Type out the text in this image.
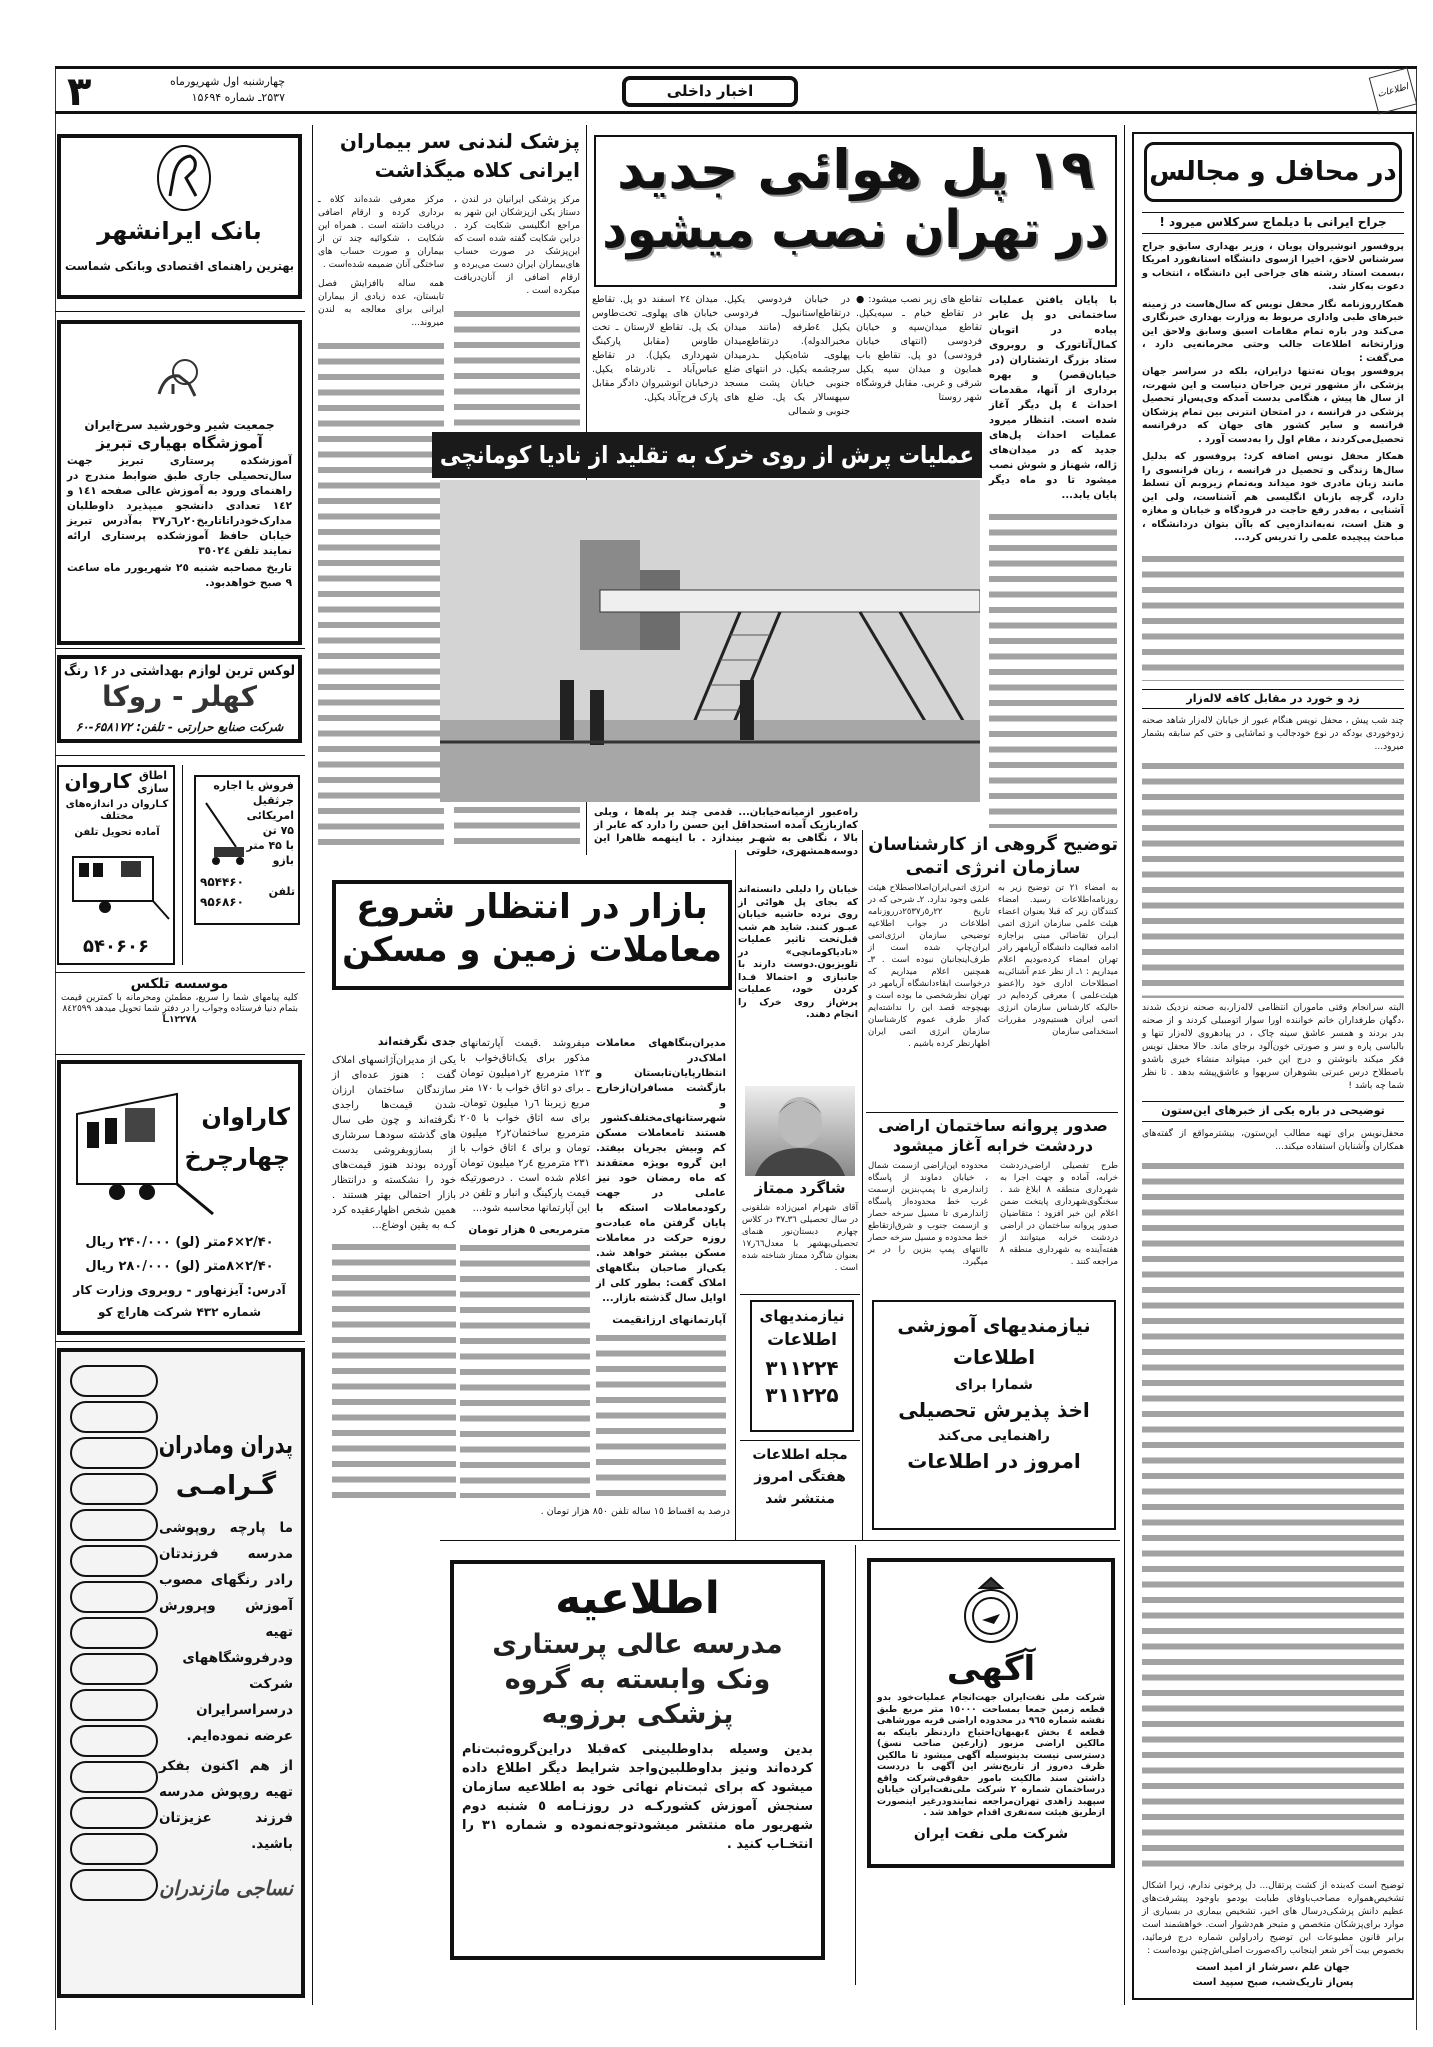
۳	چهارشنبه اول شهریورماه
۲۵۳۷ـ شماره ۱۵۶۹۴	اخبار داخلی	اطلاعات
بانک ایرانشهر
بهترین راهنمای اقتصادی وبانکی شماست
جمعیت شیر وخورشید سرخ‌ایران
آموزشگاه بهیاری تبریز
آموزشکده پرستاری تبریز جهت سال‌تحصیلی جاری طبق ضوابط مندرج در راهنمای ورود به آموزش عالی صفحه ١٤١ و ١٤٢ تعدادی دانشجو میپذیرد داوطلبان مدارک‌خودراتاتاریخ٢٠ر٦ر٣٧ به‌آدرس تبریز خیابان حافظ آموزشکده پرستاری ارائه نمایند تلفن ٣٥٠٢٤
تاریخ مصاحبه شنبه ٢٥ شهریورر ماه ساعت ٩ صبح خواهدبود.
لوکس ترین لوازم بهداشتی در ۱۶ رنگ
کهلر - روکا
شرکت صنایع حرارتی - تلفن: ۶۵۸۱۷۲-۶۰
اطاق سازی
کاروان
کـاروان در اندازه‌های مختلف
آماده تحویل تلفن
۵۴۰۶۰۶
فروش یا اجاره
جرثقیل
امریکائی
۷۵ تن
با ۴۵ متر
بازو
۹۵۴۴۶۰
۹۵۶۸۶۰
تلفن
موسسه تلکس
کلیه پیامهای شما را سریع، مطمئن ومحرمانه با کمترین قیمت بتمام دنیا فرستاده وجواب را در دفتر شما تحویل میدهد ٨٤٢٥٩٩
۱۲۲۷۸ـآ
کاراوان
چهارچرخ
۲/۴۰×۶متر (لو) ۲۴۰/۰۰۰ ریال
۲/۴۰×۸متر (لو) ۲۸۰/۰۰۰ ریال
آدرس: آیزنهاور - روبروی وزارت کار
شماره ۴۳۲ شرکت هاراچ کو
پدران ومادران
گـرامـی
ما پارچه روپوشی مدرسه فرزندتان رادر رنگهای مصوب آموزش وپرورش تهیه ودرفروشگاههای شرکت درسراسرایران عرضه نموده‌ایم.
از هم اکنون بفکر تهیه روپوش مدرسه فرزند عزیزتان باشید.
نساجی مازندران
پزشک لندنی سر بیماران
ایرانی کلاه میگذاشت
مرکز پزشکی ایرانیان در لندن ، دستاز یکی ازپزشکان این شهر به مراجع انگلیسی شکایت کرد . دراین شکایت گفته شده است که این‌پزشک در صورت حساب های‌بیماران ایران دست می‌برده و ارقام اضافی از آنان‌دریافت میکرده است .
مرکز معرفی شده‌اند کلاه ـ برداری کرده و ارقام اضافی دریافت داشته است . همراه این شکایت ، شکوائیه چند تن از بیماران و صورت حساب های ساختگی آنان ضمیمه شده‌است .
همه ساله باافزایش فصل تابستان، عده زیادی از بیماران ایرانی برای معالجه به لندن میروند...
۱۹ پل هوائی جدید
در تهران نصب میشود
با پایان یافتن عملیات ساختمانی دو پل عابر پیاده در اتوبان کمال‌آتاتورک و روبروی ستاد بزرگ ارتشتاران (در خیابان‌قصر) و بهره برداری از آنها، مقدمات احداث ٤ پل دیگر آغاز شده است. انتظار میرود عملیات احداث پل‌های جدید که در میدان‌های ژاله، شهناز و شوش نصب میشود تا دو ماه دیگر پایان یابد...
تقاطع های زیر نصب میشود: ● در تقاطع خیام ـ سپه‌یکپل. تقاطع میدان‌سپه و خیابان فردوسی (انتهای خیابان فرودسی) دو پل. تقاطع باب همایون و میدان سپه یکپل شرقی و غربی. مقابل فروشگاه شهر روستا
در خیابان فردوسي یکپل. درتقاطع‌استانبول‌ـ فردوسی یکپل ٤طرفه (مانند میدان مخبرالدوله). درتقاطع‌میدان پهلوی‌ـ شاه‌یکپل ـدرمیدان سرچشمه یکپل. در انتهای ضلع جنوبی خیابان پشت مسجد سپهسالار یک پل. ضلع های جنوبی و شمالی
میدان ٢٤ اسفند دو پل. تقاطع خیابان های پهلوی‌ـ تخت‌طاوس یک پل. تقاطع لارستان ـ تخت طاوس (مقابل پارکینگ شهرداری یکپل). در تقاطع عباس‌آباد ـ نادرشاه یکپل. درخیابان انوشیروان دادگر مقابل پارک فرح‌آباد یکپل.
عملیات پرش از روی خرک به تقلید از نادیا کومانچی
راه‌عبور ازمیانه‌خیابان... قدمی چند بر پله‌ها ، وبلی که‌ازبازیک آمده استحداقل این حسن را دارد که عابر از بالا ، نگاهی به شهـر بیندازد . با اینهمه ظاهرا این دوسه‌همشهری، خلوتی
خیابان را دلیلی دانسته‌اند که بجای پل هوائی از روی نرده حاشیه خیابان عبـور کنند. شاید هم شب قبل‌تحت تاثیر عملیات «نادیاکومانچی» در تلویزیون.دوست دارند با جانبازی و احتمالا فـدا کردن خود، عملیات پرش‌از روی خرک را انجام دهند.
بازار در انتظار شروع
معاملات زمین و مسکن
مدیران‌بنگاههای معاملات املاک‌در انتظارپایان‌تابستان و بازگشت مسافران‌ازخارج و شهرستانهای‌مختلف‌کشور هستند تامعاملات مسکن کم وبیش بجریان بیفتد. این گروه بویژه معتقدند که ماه رمضان خود نیز عاملی در جهت رکودمعاملات استکه با پایان گرفتن ماه عبادت‌و روزه حرکت در معاملات مسکن بیشتر خواهد شد. یکی‌از صاحبان بنگاههای املاک گفت: بطور کلی از اوایل سال گذشته بازار...
آپارتمانهای ارزانقیمت
میفروشد .قیمت آپارتمانهای مذکور برای یک‌اتاق‌خواب با ١٢٣ مترمربع ٢ر١میلیون تومان ـ برای دو اتاق خواب با ١٧٠ متر مربع زیربنا ٦ر١ میلیون تومان‌ـ برای سه اتاق خواب با ٢٠٥ مترمربع ساختمان٢ر٢ میلیون تومان و برای ٤ اتاق خواب با ٢٣١ مترمربع ٤ر٢ میلیون تومان اعلام شده است . درصورتیکه قیمت پارکینگ و انبار و تلفن در این آپارتمانها محاسبه شود...
مترمربعی ٥ هزار تومان
جدی نگرفته‌اند
یکی از مدیران‌آژانسهای املاک گفت : هنوز عده‌ای از سازندگان ساختمان ارزان شدن قیمت‌ها راجدی نگرفته‌اند و چون طی سال‌ های گذشته سودهـا سرشاری از بسازوبفروشی بدست آورده بودند هنوز قیمت‌های خود را نشکسته و درانتظار بازار احتمالی بهتر هستند . همین شخص اظهارعقیده کرد کـه به یقین اوضاع...
درصد به اقساط ١٥ ساله تلفن ٨٥٠ هزار تومان .
شاگرد ممتاز
آقای شهرام امین‌زاده شلقونی در سال تحصیلی ٣٦ـ٣٧ در کلاس چهارم دبستان‌نور هنمای تحصیلی‌بهشهر با معدل٦٦ر١٧ بعنوان شاگرد ممتاز شناخته شده است .
نیازمندیهای
اطلاعات
۳۱۱۲۲۴
۳۱۱۲۲۵
مجله اطلاعات
هفتگی امروز
منتشر شد
توضیح گروهی از کارشناسان
سازمان انرژی اتمی
به امضاء ٢١ تن توضیح زیر به روزنامه‌اطلاعات رسید. امضاء کنندگان زیر که قبلا بعنوان اعضاء هیئت علمی سازمان انرژی اتمی ایـران تقاضائی مبنی براجازه ادامه فعالیت دانشگاه آریامهر رادر تهران امضاء کرده‌بودیم اعلام میداریم : ١ـ از نظر عدم آشنائی‌به اصطلاحات اداری خود را(عضو هیئت‌علمی ) معرفی کرده‌ایم در حالیکه کارشناس سازمان انرژی اتمی ایران هستیم‌ودر مقررات استخدامی سازمان
انرژی اتمی‌ایران‌اصلااصطلاح هیئت علمی وجود ندارد. ٢ـ شرحی که در تاریخ ٢٢ر٥ر٢٥٣٧درروزنامه اطلاعات در جواب اطلاعیه توضیحی سازمان انرژی‌اتمی ایران‌چاپ شده است از طرف‌اینجانبان نبوده است . ٣ـ همچنین اعلام میداریم که درخواست ابقاءدانشگاه آریامهر در تهران نظرشخصی ما بوده است و بهیچوجه قصد این را نداشته‌ایم که‌از طرف عموم کارشناسان سازمان انرژی اتمی ایران اظهارنظر کرده باشیم .
صدور پروانه ساختمان اراضی
دردشت خرابه آغاز میشود
طرح تفصیلی اراضی‌دردشت خرابه، آماده و جهت اجرا به شهرداری منطقه ٨ ابلاغ شد . سخنگوی‌شهرداری پایتخت ضمن اعلام این خبر افزود : متقاضیان صدور پروانه ساختمان در اراضی دردشت خرابه میتوانند از هفته‌آینده به شهرداری منطقه ٨ مراجعه کنند .
محدوده این‌اراضی ازسمت شمال ، خیابان دماوند از پاسگاه ژاندارمری تا پمپ‌بنزین ازسمت غرب خط محدوده‌از پاسگاه ژاندارمری تا مسیل سرخه حصار و ازسمت جنوب و شرق‌ازتقاطع خط محدوده و مسیل سرخه حصار تاانتهای پمپ بنزین را در بر میگیرد.
نیازمندیهای آموزشی
اطلاعات
شمارا برای
اخذ پذیرش تحصیلی
راهنمایی می‌کند
امروز در اطلاعات
اطلاعیه
مدرسه عالی پرستاری
ونک وابسته به گروه
پزشکی برزویه
بدین وسیله بداوطلبینی که‌قبلا دراین‌گروه‌ثبت‌نام کرده‌اند ونیز بداوطلبین‌واجد شرایط دیگر اطلاع داده میشود که برای ثبت‌نام نهائی خود به اطلاعیه سازمان سنجش آموزش کشورکـه در روزنـامه ٥ شنبه دوم شهریور ماه منتشر میشودتوجه‌نموده و شماره ٣١ را انتخـاب کنید .
آگهی
شرکت ملی نفت‌ایران جهت‌انجام عملیات‌خود بدو قطعه زمین جمعا بمساحت ١٥٠٠٠ متر مربع طبق نقشه شماره ٩٦٥ در محدوده اراضی قریه مورشاهی قطعه ٤ بخش ٤بهبهان‌احتیاج داردنظر باینکه به مالکین اراضی مزبور (زارعین صاحب نسق) دسترسی نیست بدینوسیله آگهی میشود تا مالکین ظرف ده‌روز از تاریخ‌نشر این آگهی با دردست داشتن سند مالکیت بامور حقوقی‌شرکت واقع درساختمان شماره ٢ شرکت ملی‌نفت‌ایران خیابان سپهبد زاهدی تهران‌مراجعه نمایندودرغیر اینصورت ازطریق هیئت سه‌نفری اقدام خواهد شد .
شرکت ملی نفت ایران
در محافل و مجالس
جراح ایرانی با دیلماج سرکلاس میرود !

پروفسور انوشیروان پویان ، وزیر بهداری سابق‌و جراح سرشناس لاحق، اخیرا ازسوی دانشگاه استانفورد امریکا ،بسمت استاد رشته های جراحی این دانشگاه ، انتخاب و دعوت به‌کار شد.

همکارروزنامه نگار محفل نویس که سال‌هاست در زمینه خبرهای طبی واداری مربوط به وزارت بهداری خبرنگاری می‌کند ودر باره تمام مقامات اسبق وسابق ولاحق این وزارتخانه اطلاعات جالب وحتی محرمانه‌یی دارد ، می‌گفت :

پروفسور پویان نه‌تنها درایران، بلکه در سراسر جهان پزشکی ،از مشهور ترین جراحان دنیاست و این شهرت، از سال ها پیش ، هنگامی بدست آمدکه وی‌پس‌از تحصیل پزشکی در فرانسه ، در امتحان انترنی بین تمام پزشکان فرانسه و سایر کشور های جهان که درفرانسه تحصیل‌می‌کردند ، مقام اول را به‌دست آورد .

همکار محفل نویس اضافه کرد: پروفسور که بدلیل سال‌ها زندگی و تحصیل در فرانسه ، زبان فرانسوی را مانند زبان مادری خود میداند وبه‌تمام زیروبم آن تسلط دارد، گرچه بازبان انگلیسی هم آشناست، ولی این آشنایی ، به‌قدر رفع حاجت در فرودگاه و خیابان و مغازه و هتل است، نه‌به‌اندازه‌یی که باآن بتوان دردانشگاه ، مباحث پیچیده علمی را تدریس کرد...

زد و خورد در مقابل کافه لاله‌زار
چند شب پیش ، محفل نویس هنگام عبور از خیابان لاله‌زار شاهد صحنه زدوخوردی بودکه در نوع خودجالب و تماشایی و حتی کم سابقه بشمار میرود...
البته سرانجام وقتی ماموران انتظامی لاله‌زار،به صحنه نزدیک شدند ،دگهان طرفداران خانم خواننده اورا سوار اتومبیلی کردند و از صحنه بدر بردند و همسر عاشق سینه چاک ، در پیادهروی لاله‌زار تنها و بالباسی پاره و سر و صورتی خون‌آلود برجای ماند. حالا محفل نویس فکر میکند بانوشتن و درج این خبر، میتواند منشاء خیری باشدو باصطلاح درس عبرتی بشوهران سربهوا و عاشق‌پیشه بدهد . تا نظر شما چه باشد !
توضیحی در باره یکی از خبرهای این‌ستون
محفل‌نویس برای تهیه مطالب این‌ستون، بیشترمواقع از گفته‌های همکاران وآشنایان استفاده میکند...
توضیح است که‌بنده از کشت پرتقال... دل پرخونی ندارم، زیرا اشکال تشخیص‌همواره مصاحب‌باوفای طبابت بودمو باوجود پیشرفت‌های عظیم دانش پزشکی‌درسال های اخیر، تشخیص بیماری در بسیاری از موارد برای‌پزشکان متخصص و متبحر هم‌دشوار است. خواهشمند است برابر قانون مطبوعات این توضیح رادراولین شماره درج فرمائید، بخصوص بیت آخر شعر اینجانب راکه‌صورت اصلی‌اش‌چنین بوده‌است :
جهان علم ،سرشار از امید است
پس‌از تاریک‌شب، صبح سپید است
